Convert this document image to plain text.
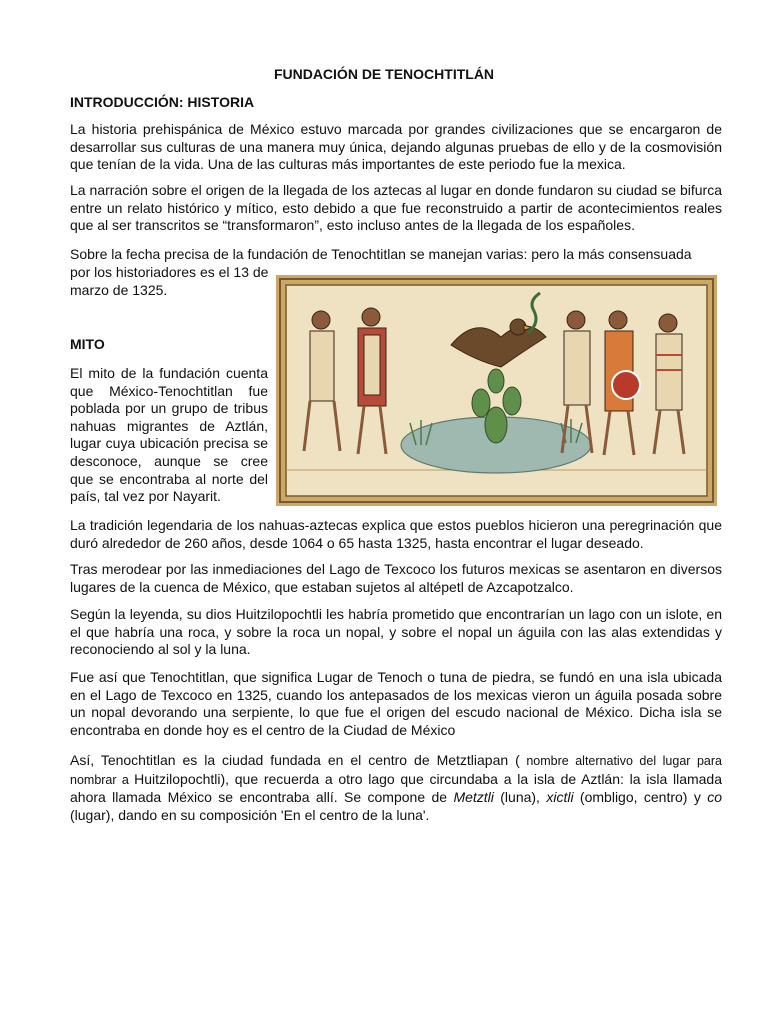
FUNDACIÓN DE TENOCHTITLÁN
INTRODUCCIÓN: HISTORIA

La historia prehispánica de México estuvo marcada por grandes civilizaciones que se encargaron de desarrollar sus culturas de una manera muy única, dejando algunas pruebas de ello y de la cosmovisión que tenían de la vida. Una de las culturas más importantes de este periodo fue la mexica.

La narración sobre el origen de la llegada de los aztecas al lugar en donde fundaron su ciudad se bifurca entre un relato histórico y mítico, esto debido a que fue reconstruido a partir de acontecimientos reales que al ser transcritos se “transformaron”, esto incluso antes de la llegada de los españoles.

Sobre la fecha precisa de la fundación de Tenochtitlan se manejan varias: pero la más consensuada

por los historiadores es el 13 de marzo de 1325.

MITO

El mito de la fundación cuenta que México-Tenochtitlan fue poblada por un grupo de tribus nahuas migrantes de Aztlán, lugar cuya ubicación precisa se desconoce, aunque se cree que se encontraba al norte del país, tal vez por Nayarit.

La tradición legendaria de los nahuas-aztecas explica que estos pueblos hicieron una peregrinación que duró alrededor de 260 años, desde 1064 o 65 hasta 1325, hasta encontrar el lugar deseado.

Tras merodear por las inmediaciones del Lago de Texcoco los futuros mexicas se asentaron en diversos lugares de la cuenca de México, que estaban sujetos al altépetl de Azcapotzalco.

Según la leyenda, su dios Huitzilopochtli les habría prometido que encontrarían un lago con un islote, en el que habría una roca, y sobre la roca un nopal, y sobre el nopal un águila con las alas extendidas y reconociendo al sol y la luna.

Fue así que Tenochtitlan, que significa Lugar de Tenoch o tuna de piedra, se fundó en una isla ubicada en el Lago de Texcoco en 1325, cuando los antepasados de los mexicas vieron un águila posada sobre un nopal devorando una serpiente, lo que fue el origen del escudo nacional de México. Dicha isla se encontraba en donde hoy es el centro de la Ciudad de México

Así, Tenochtitlan es la ciudad fundada en el centro de Metztliapan ( nombre alternativo del lugar para nombrar a Huitzilopochtli), que recuerda a otro lago que circundaba a la isla de Aztlán: la isla llamada ahora llamada México se encontraba allí. Se compone de Metztli (luna), xictli (ombligo, centro) y co (lugar), dando en su composición 'En el centro de la luna'.
